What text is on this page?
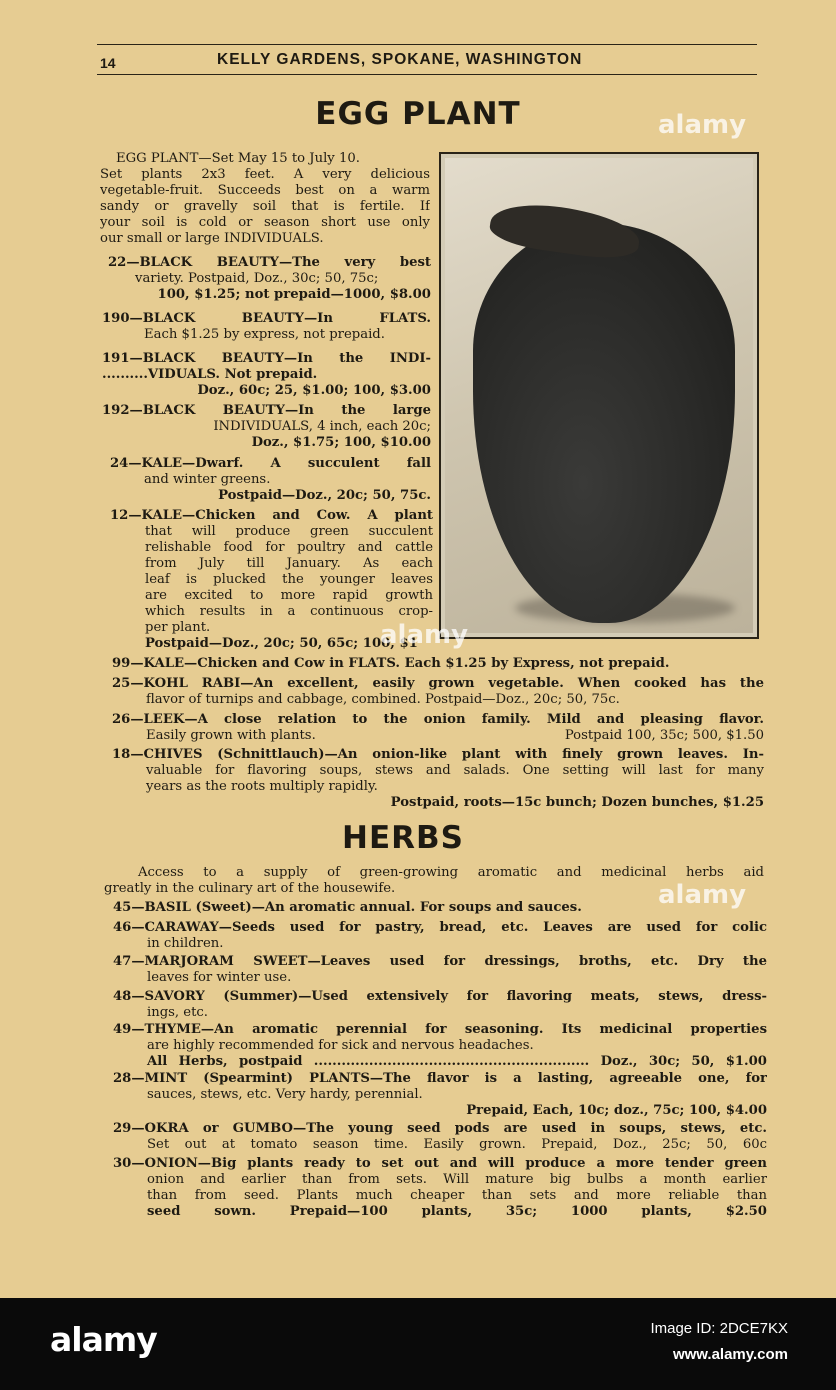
14	KELLY GARDENS, SPOKANE, WASHINGTON
EGG PLANT
EGG PLANT—Set May 15 to July 10.
Set plants 2x3 feet. A very delicious
vegetable-fruit. Succeeds best on a warm
sandy or gravelly soil that is fertile. If
your soil is cold or season short use only
our small or large INDIVIDUALS.
22—BLACK BEAUTY—The very best
variety. Postpaid, Doz., 30c; 50, 75c;
100, $1.25; not prepaid—1000, $8.00
190—BLACK BEAUTY—In FLATS.
Each $1.25 by express, not prepaid.
191—BLACK BEAUTY—In the INDI-
..........VIDUALS. Not prepaid.
Doz., 60c; 25, $1.00; 100, $3.00
192—BLACK BEAUTY—In the large
INDIVIDUALS, 4 inch, each 20c;
Doz., $1.75; 100, $10.00
24—KALE—Dwarf. A succulent fall
and winter greens.
Postpaid—Doz., 20c; 50, 75c.
12—KALE—Chicken and Cow. A plant
that will produce green succulent
relishable food for poultry and cattle
from July till January. As each
leaf is plucked the younger leaves
are excited to more rapid growth
which results in a continuous crop-
per plant.
Postpaid—Doz., 20c; 50, 65c; 100, $1
99—KALE—Chicken and Cow in FLATS. Each $1.25 by Express, not prepaid.
25—KOHL RABI—An excellent, easily grown vegetable. When cooked has the
flavor of turnips and cabbage, combined. Postpaid—Doz., 20c; 50, 75c.
26—LEEK—A close relation to the onion family. Mild and pleasing flavor.
Easily grown with plants.	Postpaid 100, 35c; 500, $1.50
18—CHIVES (Schnittlauch)—An onion-like plant with finely grown leaves. In-
valuable for flavoring soups, stews and salads. One setting will last for many
years as the roots multiply rapidly.
Postpaid, roots—15c bunch; Dozen bunches, $1.25
HERBS
Access to a supply of green-growing aromatic and medicinal herbs aid
greatly in the culinary art of the housewife.
45—BASIL (Sweet)—An aromatic annual. For soups and sauces.
46—CARAWAY—Seeds used for pastry, bread, etc. Leaves are used for colic
in children.
47—MARJORAM SWEET—Leaves used for dressings, broths, etc. Dry the
leaves for winter use.
48—SAVORY (Summer)—Used extensively for flavoring meats, stews, dress-
ings, etc.
49—THYME—An aromatic perennial for seasoning. Its medicinal properties
are highly recommended for sick and nervous headaches.
All Herbs, postpaid ............................................................ Doz., 30c; 50, $1.00
28—MINT (Spearmint) PLANTS—The flavor is a lasting, agreeable one, for
sauces, stews, etc. Very hardy, perennial.
Prepaid, Each, 10c; doz., 75c; 100, $4.00
29—OKRA or GUMBO—The young seed pods are used in soups, stews, etc.
Set out at tomato season time. Easily grown. Prepaid, Doz., 25c; 50, 60c
30—ONION—Big plants ready to set out and will produce a more tender green
onion and earlier than from sets. Will mature big bulbs a month earlier
than from seed. Plants much cheaper than sets and more reliable than
seed sown. Prepaid—100 plants, 35c; 1000 plants, $2.50
alamy
alamy
alamy
alamy	Image ID: 2DCE7KX
www.alamy.com
